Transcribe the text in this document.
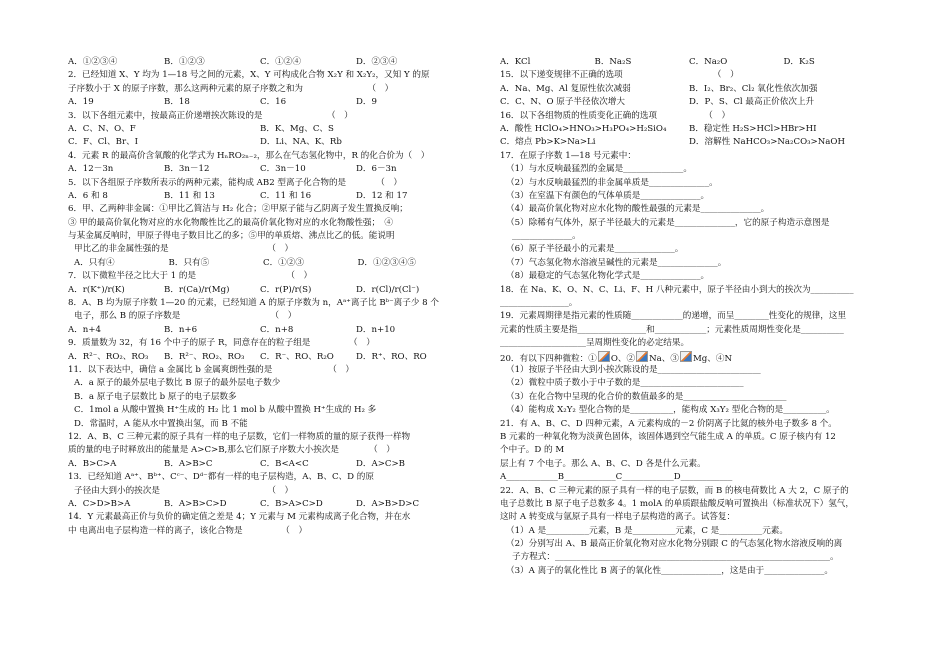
A．①②③④	B．①②③	C．①②④	D．②③④
2．已经知道 X、Y 均为 1—18 号之间的元素，X、Y 可构成化合物 X₂Y 和 X₂Y₂，又知 Y 的原
子序数小于 X 的原子序数，那么这两种元素的原子序数之和为　　　　　　　　（　）
A．19	B．18	C．16	D．9
3．以下各组元素中，按最高正价递增挨次陈设的是　　　　　　　　（　）
A．C、N、O、F	B．K、Mg、C、S
C．F、Cl、Br、I	D．Li、NA、K、Rb
4．元素 R 的最高价含氧酸的化学式为 HₙRO₂ₙ₋₂，那么在气态氢化物中，R 的化合价为（　）
A．12－3n	B．3n－12	C．3n－10	D．6－3n
5．以下各组原子序数所表示的两种元素，能构成 AB2 型离子化合物的是　　　　（　）
A．6 和 8	B．11 和 13	C．11 和 16	D．12 和 17
6．甲、乙两种非金属：①甲比乙简洁与 H₂ 化合；②甲原子能与乙阴离子发生置换反响；
③ 甲的最高价氧化物对应的水化物酸性比乙的最高价氧化物对应的水化物酸性强；　④
与某金属反响时，甲原子得电子数目比乙的多；⑤甲的单质熔、沸点比乙的低。能说明
甲比乙的非金属性强的是　　　　　　　　　　　　（　）
A．只有④	B．只有⑤	C．①②③	D．①②③④⑤
7．以下微粒半径之比大于 1 的是　　　　　　　　　　　（　）
A．r(K⁺)/r(K)	B．r(Ca)/r(Mg)	C．r(P)/r(S)	D．r(Cl)/r(Cl⁻)
8．A、B 均为原子序数 1—20 的元素，已经知道 A 的原子序数为 n，Aᵃ⁺离子比 Bᵇ⁻离子少 8 个
电子，那么 B 的原子序数是　　　　　　　　　　　（　）
A．n+4	B．n+6	C．n+8	D．n+10
9．质量数为 32，有 16 个中子的原子 R，同意存在的粒子组是　　　　　（　）
A．R²⁻、RO₂、RO₃	B．R²⁻、RO₂、RO₃	C．R⁻、RO、R₂O	D．R⁺、RO、RO
11．以下表达中，确信 a 金属比 b 金属爽朗性强的是　　　　　　　（　）
A．a 原子的最外层电子数比 B 原子的最外层电子数少
B．a 原子电子层数比 b 原子的电子层数多
C．1mol a 从酸中置换 H⁺生成的 H₂ 比 1 mol b 从酸中置换 H⁺生成的 H₂ 多
D．常温时，A 能从水中置换出氢，而 B 不能
12．A、B、C 三种元素的原子具有一样的电子层数，它们一样物质的量的原子获得一样物
质的量的电子时释放出的能量是 A>C>B,那么它们原子序数大小挨次是　　　　（　）
A．B>C>A	B．A>B>C	C．B<A<C	D．A>C>B
13．已经知道 Aᵃ⁺、Bᵇ⁺、Cᶜ⁻、Dᵈ⁻都有一样的电子层构造，A、B、C、D 的原
子径由大到小的挨次是　　　　　　　　　　　　　（　）
A．C>D>B>A	B．A>B>C>D	C．B>A>C>D	D．A>B>D>C
14．Y 元素最高正价与负价的确定值之差是 4；Y 元素与 M 元素构成离子化合物，并在水
中 电离出电子层构造一样的离子，该化合物是　　　　　（　）
A．KCl	B．Na₂S	C．Na₂O	D．K₂S
15．以下递变规律不正确的选项　　　　　　　　　　　（　）
A．Na、Mg、Al 复原性依次减弱	B．I₂、Br₂、Cl₂ 氧化性依次加强
C．C、N、O 原子半径依次增大	D．P、S、Cl 最高正价依次上升
16．以下各组物质的性质变化正确的选项　　　　　　（　）
A．酸性 HClO₄>HNO₃>H₃PO₄>H₂SiO₄	B．稳定性 H₂S>HCl>HBr>HI
C．熔点 Pb>K>Na>Li	D．溶解性 NaHCO₃>Na₂CO₃>NaOH
17．在原子序数 1—18 号元素中：
（1）与水反响最猛烈的金属是______________。
（2）与水反响最猛烈的非金属单质是______________。
（3）在室温下有颜色的气体单质是______________。
（4）最高价氧化物对应水化物的酸性最强的元素是______________。
（5）除稀有气体外，原子半径最大的元素是______________，它的原子构造示意图是
______________。
（6）原子半径最小的元素是______________。
（7）气态氢化物水溶液呈碱性的元素是______________。
（8）最稳定的气态氢化物化学式是______________。
18．在 Na、K、O、N、C、Li、F、H 八种元素中，原子半径由小到大的挨次为__________
________________。
19．元素周期律是指元素的性质随____________的递增，而呈________性变化的规律，这里
元素的性质主要是指________________和____________；元素性质周期性变化是__________
____________________呈周期性变化的必定结果。
20．有以下四种微粒：① O、② Na、③ Mg、④N
（1）按原子半径由大到小挨次陈设的是________________________
（2）微粒中质子数小于中子数的是________________________
（3）在化合物中呈现的化合价的数值最多的是________________________
（4）能构成 X₂Y₂ 型化合物的是__________，能构成 X₃Y₂ 型化合物的是__________。
21．有 A、B、C、D 四种元素，A 元素构成的－2 价阴离子比氦的核外电子数多 8 个。
B 元素的一种氧化物为淡黄色固体，该固体遇到空气能生成 A 的单质。C 原子核内有 12
个中子。D 的 M
层上有 7 个电子。那么 A、B、C、D 各是什么元素。
A____________B____________C____________D____________
22．A、B、C 三种元素的原子具有一样的电子层数，而 B 的核电荷数比 A 大 2，C 原子的
电子总数比 B 原子电子总数多 4。1 molA 的单质跟盐酸反响可置换出（标准状况下）氢气，
这时 A 转变成与氩原子具有一样电子层构造的离子。试答复：
（1）A 是__________元素，B 是__________元素，C 是__________元素。
（2）分别写出 A、B 最高正价氧化物对应水化物分别跟 C 的气态氢化物水溶液反响的离
子方程式：________________________________________________________________。
（3）A 离子的氧化性比 B 离子的氧化性______________，这是由于______________。
